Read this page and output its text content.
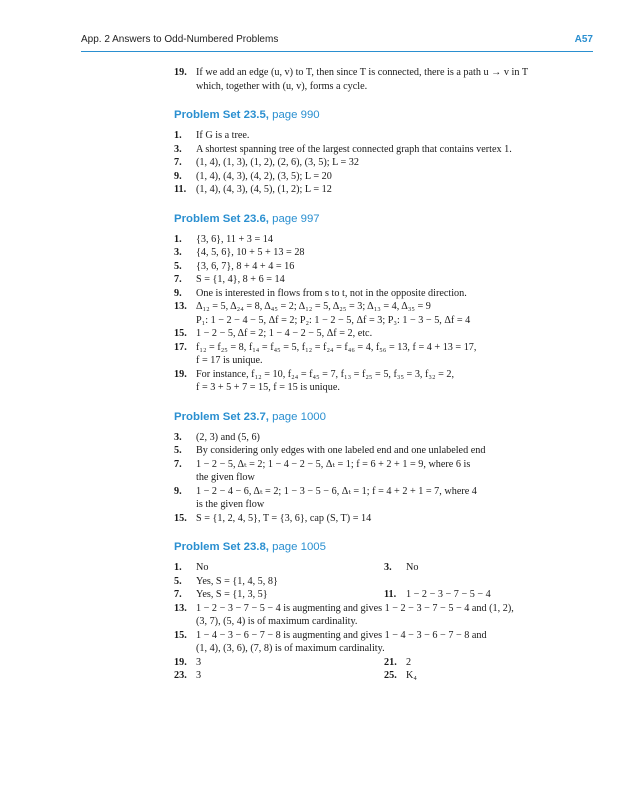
App. 2 Answers to Odd-Numbered Problems	A57
19. If we add an edge (u, v) to T, then since T is connected, there is a path u → v in T
which, together with (u, v), forms a cycle.
Problem Set 23.5, page 990
1.	If G is a tree.
3.	A shortest spanning tree of the largest connected graph that contains vertex 1.
7.	(1, 4), (1, 3), (1, 2), (2, 6), (3, 5); L = 32
9.	(1, 4), (4, 3), (4, 2), (3, 5); L = 20
11. (1, 4), (4, 3), (4, 5), (1, 2); L = 12
Problem Set 23.6, page 997
1.	{3, 6}, 11 + 3 = 14
3.	{4, 5, 6}, 10 + 5 + 13 = 28
5.	{3, 6, 7}, 8 + 4 + 4 = 16
7.	S = {1, 4}, 8 + 6 = 14
9.	One is interested in flows from s to t, not in the opposite direction.
13. Δ₁₂ = 5, Δ₂₄ = 8, Δ₄₅ = 2; Δ₁₂ = 5, Δ₂₅ = 3; Δ₁₃ = 4, Δ₃₅ = 9
P₁: 1 − 2 − 4 − 5, Δf = 2; P₂: 1 − 2 − 5, Δf = 3; P₃: 1 − 3 − 5, Δf = 4
15. 1 − 2 − 5, Δf = 2; 1 − 4 − 2 − 5, Δf = 2, etc.
17. f₁₂ = f₂₅ = 8, f₁₄ = f₄₅ = 5, f₁₂ = f₂₄ = f₄₆ = 4, f₅₆ = 13, f = 4 + 13 = 17,
f = 17 is unique.
19. For instance, f₁₂ = 10, f₂₄ = f₄₅ = 7, f₁₃ = f₂₅ = 5, f₃₅ = 3, f₃₂ = 2,
f = 3 + 5 + 7 = 15, f = 15 is unique.
Problem Set 23.7, page 1000
3.	(2, 3) and (5, 6)
5.	By considering only edges with one labeled end and one unlabeled end
7.	1 − 2 − 5, Δₜ = 2; 1 − 4 − 2 − 5, Δₜ = 1; f = 6 + 2 + 1 = 9, where 6 is
the given flow
9.	1 − 2 − 4 − 6, Δₜ = 2; 1 − 3 − 5 − 6, Δₜ = 1; f = 4 + 2 + 1 = 7, where 4
is the given flow
15. S = {1, 2, 4, 5}, T = {3, 6}, cap (S, T) = 14
Problem Set 23.8, page 1005
1.	No	3.	No
5.	Yes, S = {1, 4, 5, 8}
7.	Yes, S = {1, 3, 5}	11. 1 − 2 − 3 − 7 − 5 − 4
13. 1 − 2 − 3 − 7 − 5 − 4 is augmenting and gives 1 − 2 − 3 − 7 − 5 − 4 and (1, 2),
(3, 7), (5, 4) is of maximum cardinality.
15. 1 − 4 − 3 − 6 − 7 − 8 is augmenting and gives 1 − 4 − 3 − 6 − 7 − 8 and
(1, 4), (3, 6), (7, 8) is of maximum cardinality.
19. 3	21. 2
23. 3	25. K₄
